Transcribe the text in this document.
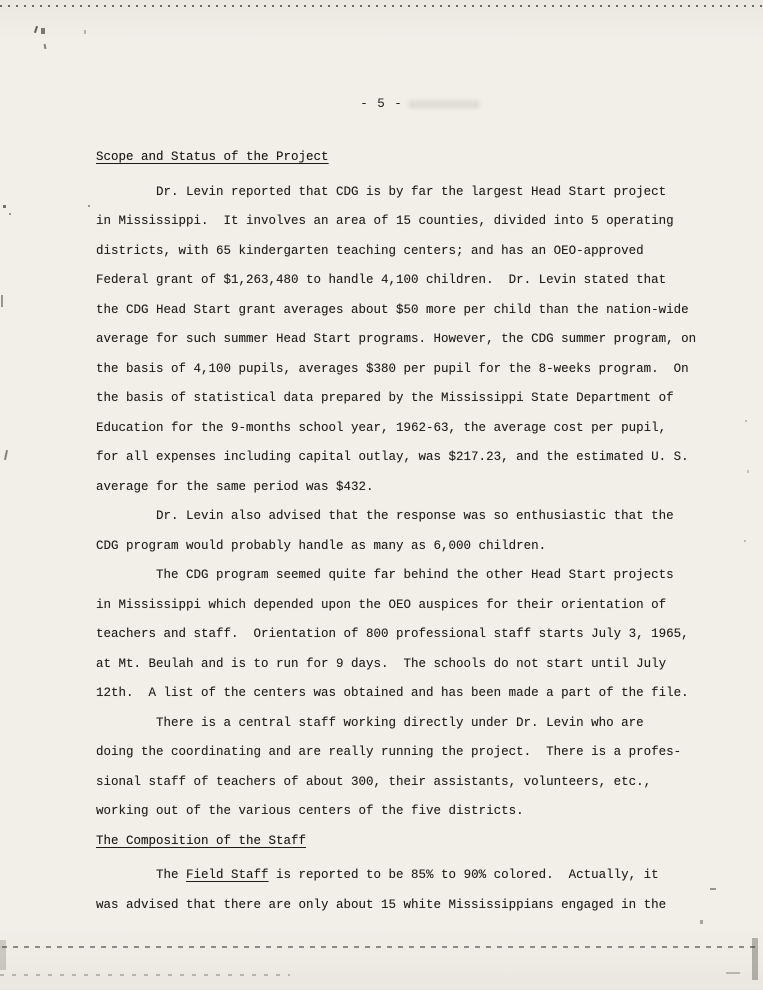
- 5 -
Scope and Status of the Project
Dr. Levin reported that CDG is by far the largest Head Start project
in Mississippi.  It involves an area of 15 counties, divided into 5 operating
districts, with 65 kindergarten teaching centers; and has an OEO-approved
Federal grant of $1,263,480 to handle 4,100 children.  Dr. Levin stated that
the CDG Head Start grant averages about $50 more per child than the nation-wide
average for such summer Head Start programs. However, the CDG summer program, on
the basis of 4,100 pupils, averages $380 per pupil for the 8-weeks program.  On
the basis of statistical data prepared by the Mississippi State Department of
Education for the 9-months school year, 1962-63, the average cost per pupil,
for all expenses including capital outlay, was $217.23, and the estimated U. S.
average for the same period was $432.
Dr. Levin also advised that the response was so enthusiastic that the
CDG program would probably handle as many as 6,000 children.
The CDG program seemed quite far behind the other Head Start projects
in Mississippi which depended upon the OEO auspices for their orientation of
teachers and staff.  Orientation of 800 professional staff starts July 3, 1965,
at Mt. Beulah and is to run for 9 days.  The schools do not start until July
12th.  A list of the centers was obtained and has been made a part of the file.
There is a central staff working directly under Dr. Levin who are
doing the coordinating and are really running the project.  There is a profes-
sional staff of teachers of about 300, their assistants, volunteers, etc.,
working out of the various centers of the five districts.
The Composition of the Staff
The Field Staff is reported to be 85% to 90% colored.  Actually, it
was advised that there are only about 15 white Mississippians engaged in the
